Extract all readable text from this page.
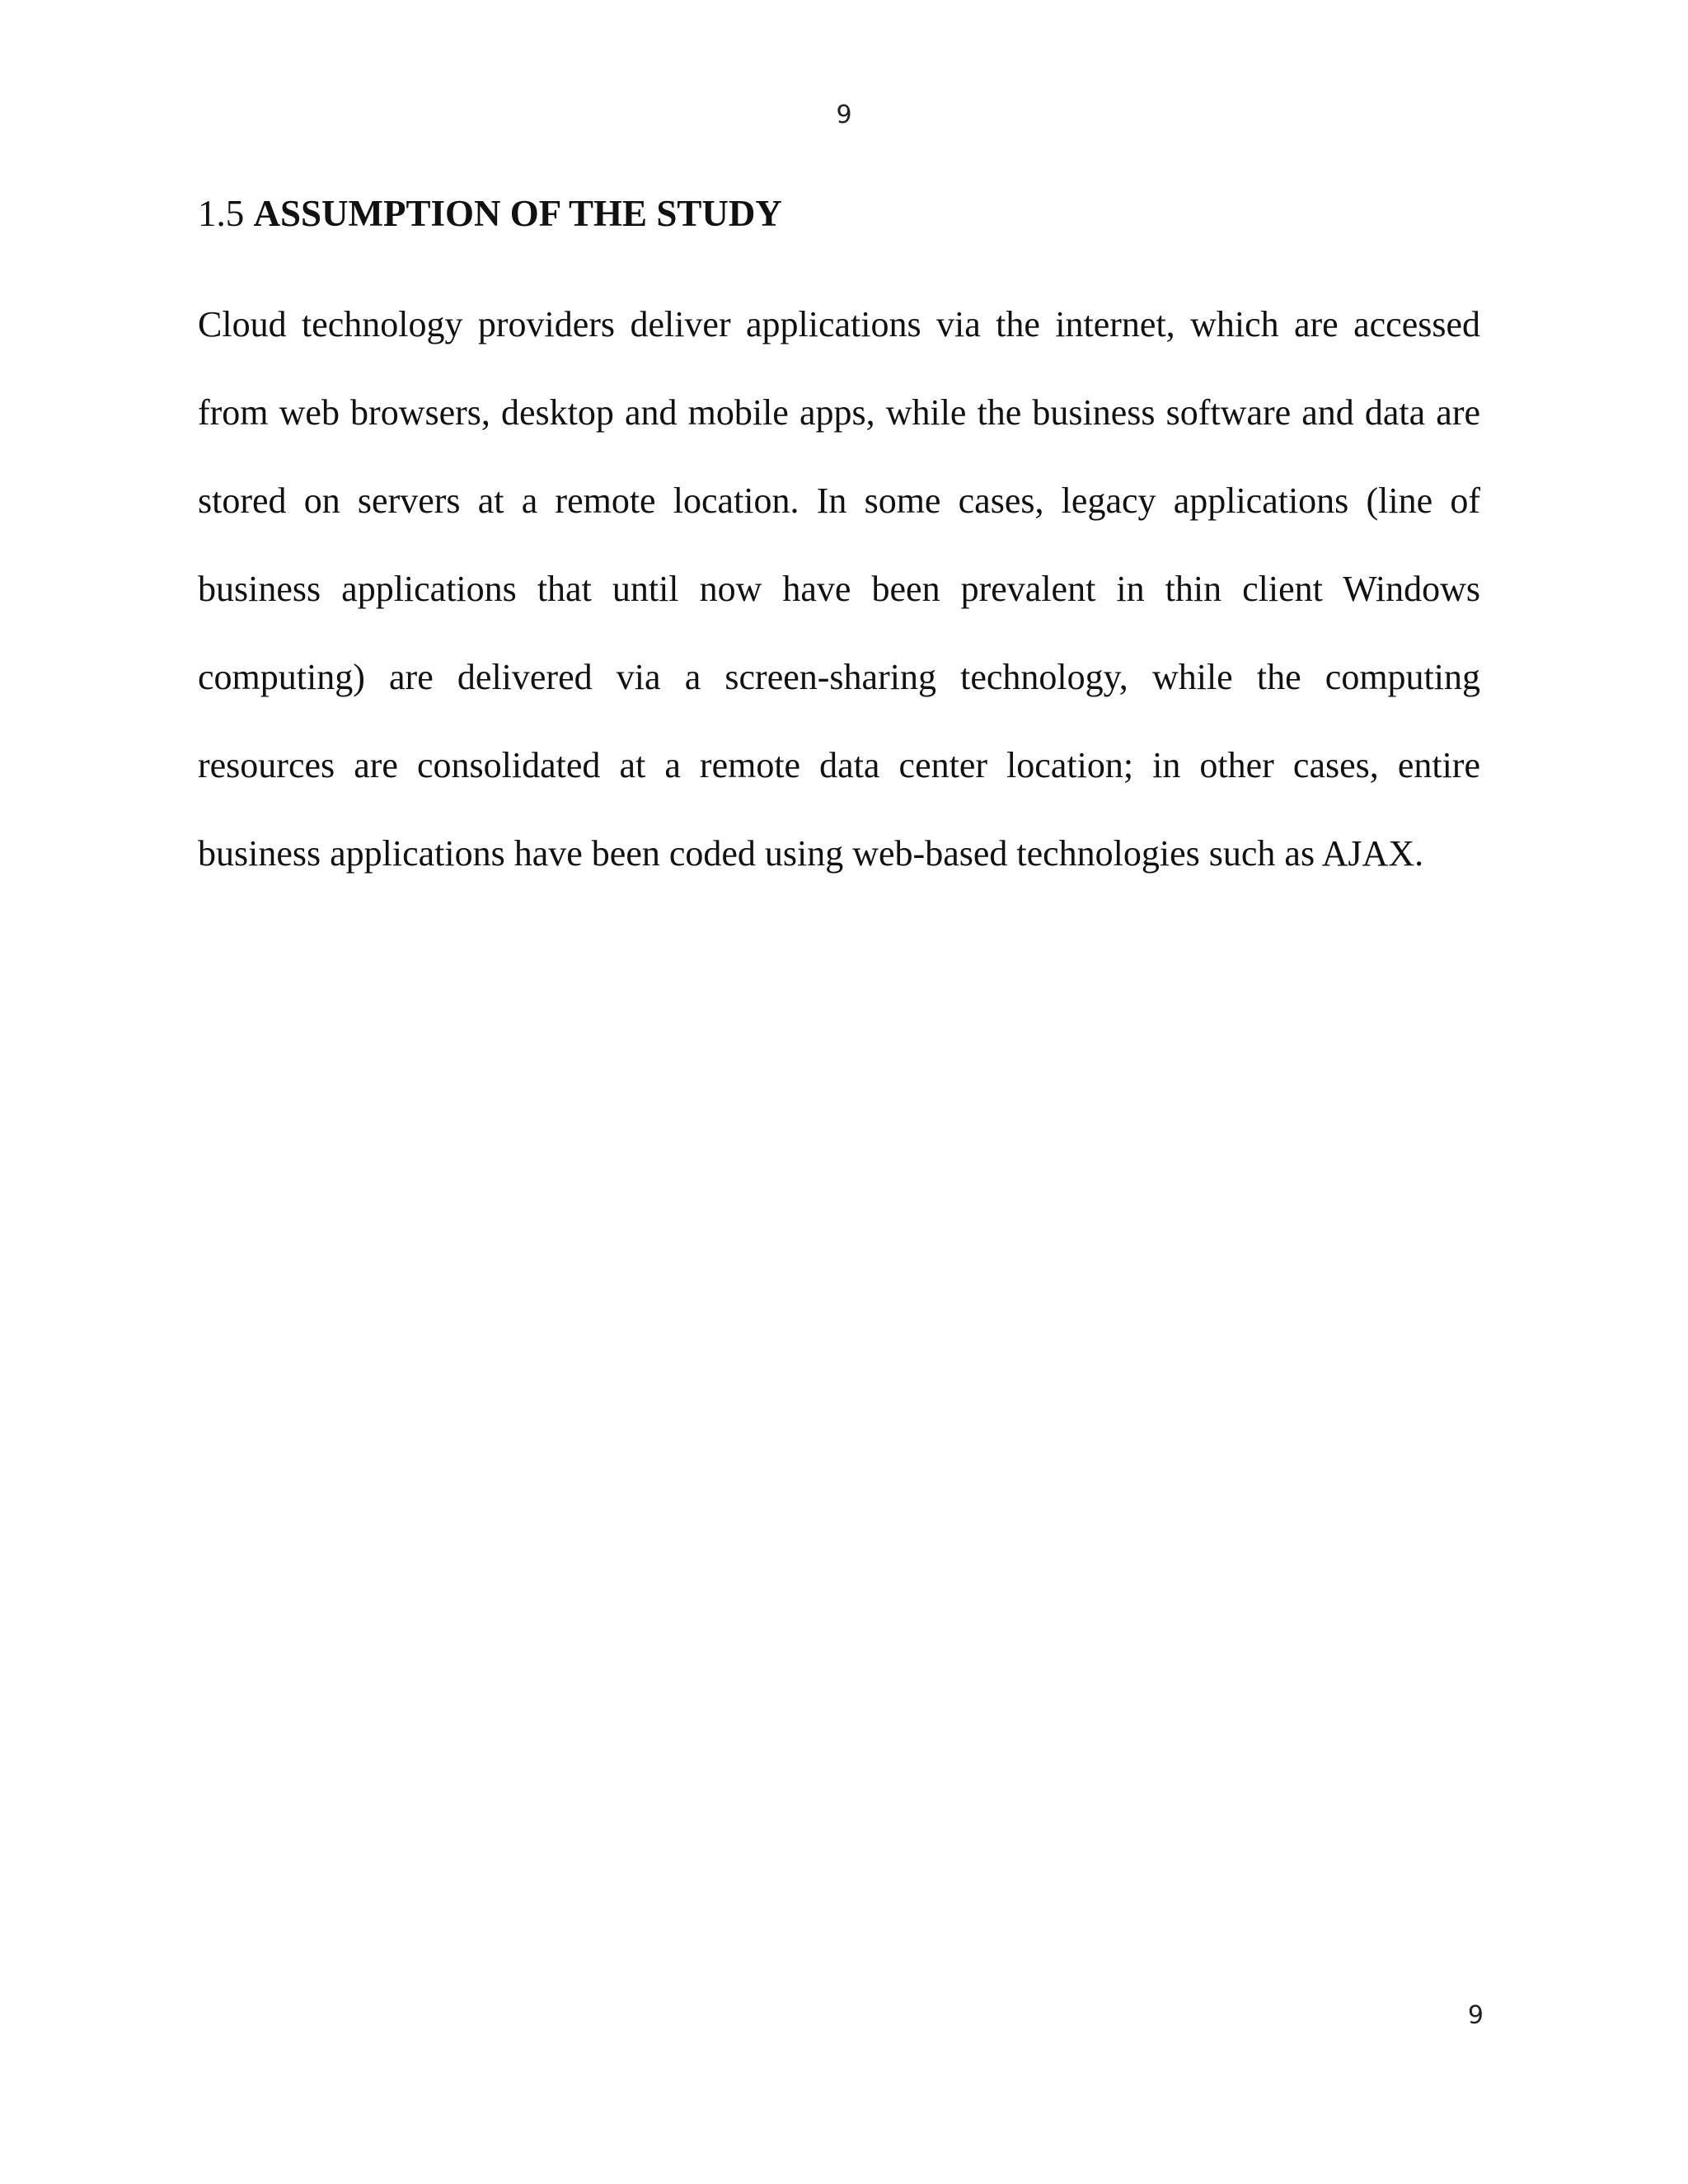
9
1.5 ASSUMPTION OF THE STUDY

Cloud technology providers deliver applications via the internet, which are accessed from web browsers, desktop and mobile apps, while the business software and data are stored on servers at a remote location. In some cases, legacy applications (line of business applications that until now have been prevalent in thin client Windows computing) are delivered via a screen-sharing technology, while the computing resources are consolidated at a remote data center location; in other cases, entire business applications have been coded using web-based technologies such as AJAX.

9
